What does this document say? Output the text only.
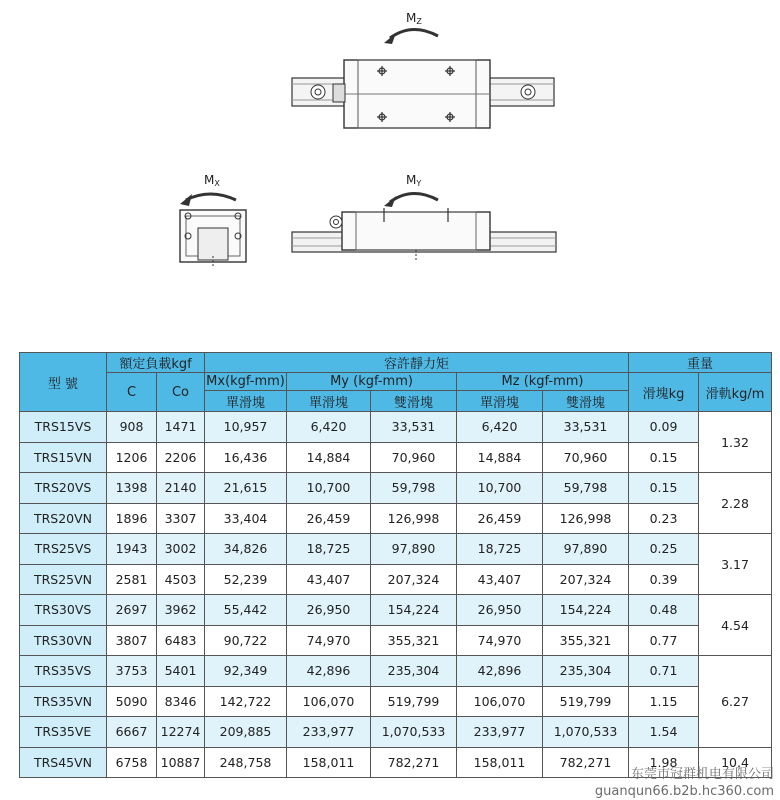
MZ
MX	MY
型 號	額定負載kgf		容許靜力矩					重量	
	C	Co	Mx(kgf-mm)	My (kgf-mm)		Mz (kgf-mm)		滑塊kg	滑軌kg/m
			單滑塊	單滑塊	雙滑塊	單滑塊	雙滑塊		
TRS15VS	908	1471	10,957	6,420	33,531	6,420	33,531	0.09	1.32
TRS15VN	1206	2206	16,436	14,884	70,960	14,884	70,960	0.15	
TRS20VS	1398	2140	21,615	10,700	59,798	10,700	59,798	0.15	2.28
TRS20VN	1896	3307	33,404	26,459	126,998	26,459	126,998	0.23	
TRS25VS	1943	3002	34,826	18,725	97,890	18,725	97,890	0.25	3.17
TRS25VN	2581	4503	52,239	43,407	207,324	43,407	207,324	0.39	
TRS30VS	2697	3962	55,442	26,950	154,224	26,950	154,224	0.48	4.54
TRS30VN	3807	6483	90,722	74,970	355,321	74,970	355,321	0.77	
TRS35VS	3753	5401	92,349	42,896	235,304	42,896	235,304	0.71	6.27
TRS35VN	5090	8346	142,722	106,070	519,799	106,070	519,799	1.15	
TRS35VE	6667	12274	209,885	233,977	1,070,533	233,977	1,070,533	1.54	
TRS45VN	6758	10887	248,758	158,011	782,271	158,011	782,271	1.98	10.4
东莞市冠群机电有限公司
guanqun66.b2b.hc360.com
